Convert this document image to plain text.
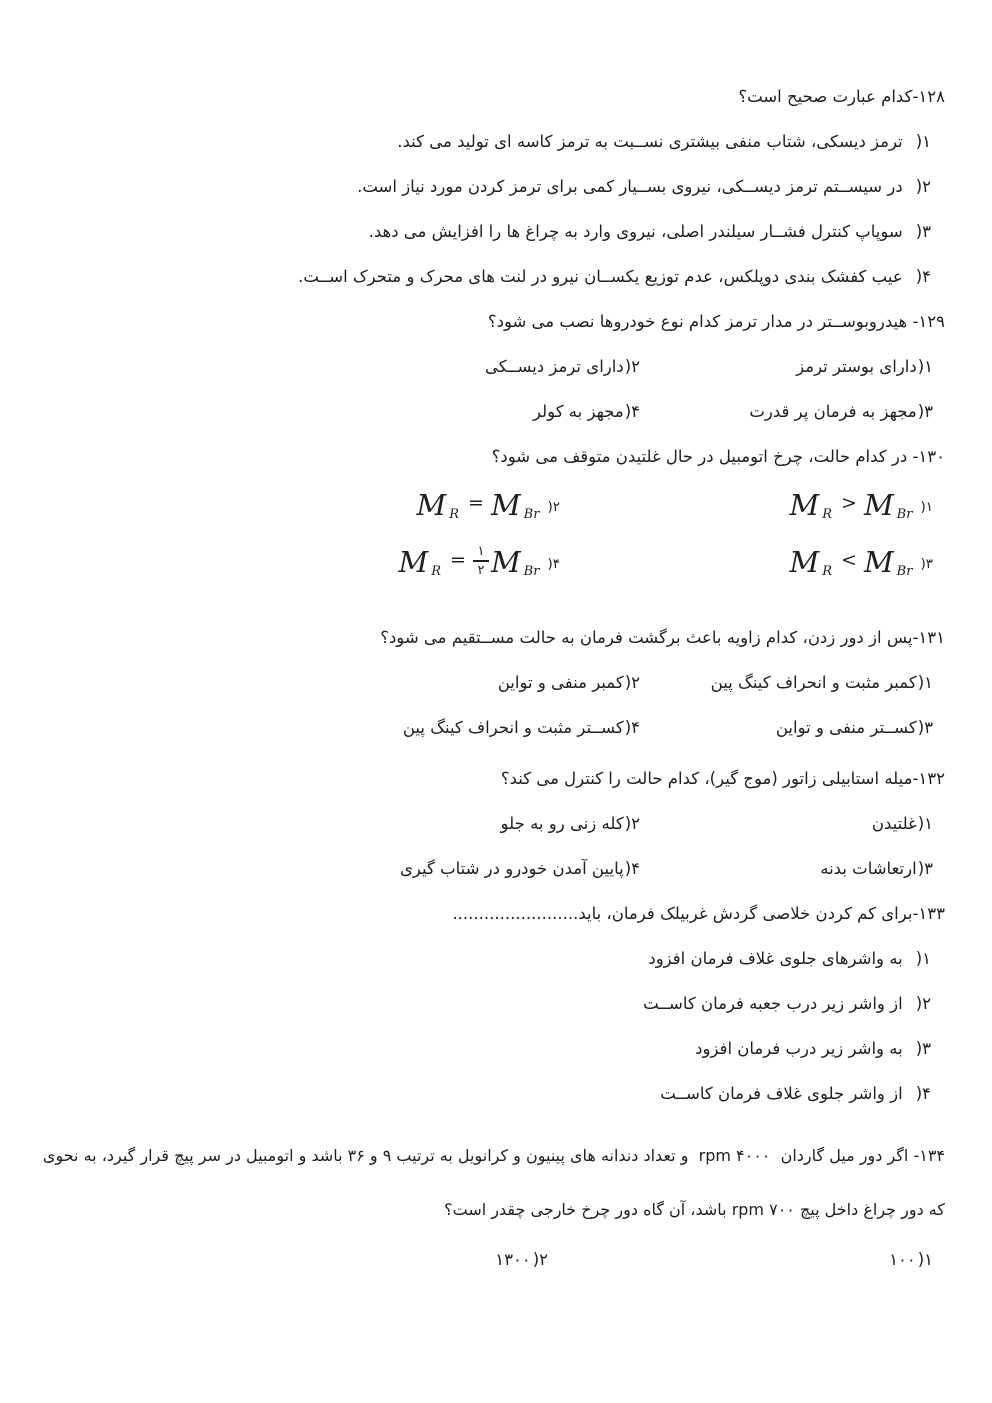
۱۲۸-کدام عبارت صحیح است؟
۱ (
ترمز دیسکی، شتاب منفی بیشتری نســبت به ترمز کاسه ای تولید می کند.
۲ (
در سیســتم ترمز دیســکی، نیروی بســیار کمی برای ترمز کردن مورد نیاز است.
۳ (
سوپاپ کنترل فشــار سیلندر اصلی، نیروی وارد به چراغ ها را افزایش می دهد.
۴ (
عیب کفشک بندی دوپلکس، عدم توزیع یکســان نیرو در لنت های محرک و متحرک اســت.
۱۲۹- هیدروبوســتر در مدار ترمز کدام نوع خودروها نصب می شود؟
۱ (
دارای بوستر ترمز
۲ (
دارای ترمز دیســکی
۳ (
مجهز به فرمان پر قدرت
۴ (
مجهز به کولر
۱۳۰- در کدام حالت، چرخ اتومبیل در حال غلتیدن متوقف می شود؟
M R > M Br ۱ (
M R = M Br ۲ (
M R < M Br ۳ (
M $R = \frac{۱}{۲}$ M Br ۴ (
۱۳۱-پس از دور زدن، کدام زاویه باعث برگشت فرمان به حالت مســتقیم می شود؟
۱ (
کمبر مثبت و انحراف کینگ پین
۲ (
کمبر منفی و تواین
۳ (
کســتر منفی و تواین
۴ (
کســتر مثبت و انحراف کینگ پین
۱۳۲-میله استابیلی زاتور (موج گیر)، کدام حالت را کنترل می کند؟
۱ (
غلتیدن
۲ (
کله زنی رو به جلو
۳ (
ارتعاشات بدنه
۴ (
پایین آمدن خودرو در شتاب گیری
۱۳۳-برای کم کردن خلاصی گردش غربیلک فرمان، باید........................
۱ (
به واشرهای جلوی غلاف فرمان افزود
۲ (
از واشر زیر درب جعبه فرمان کاســت
۳ (
به واشر زیر درب فرمان افزود
۴ (
از واشر جلوی غلاف فرمان کاســت
۱۳۴- اگر دور میل گاردان  ۴۰۰۰ rpm  و تعداد دندانه های پینیون و کرانویل به ترتیب ۹ و ۳۶ باشد و اتومبیل در سر پیچ قرار گیرد، به نحوی
که دور چراغ داخل پیچ ۷۰۰ rpm باشد، آن گاه دور چرخ خارجی چقدر است؟
۱ (
۱۰۰
۲ (
۱۳۰۰
